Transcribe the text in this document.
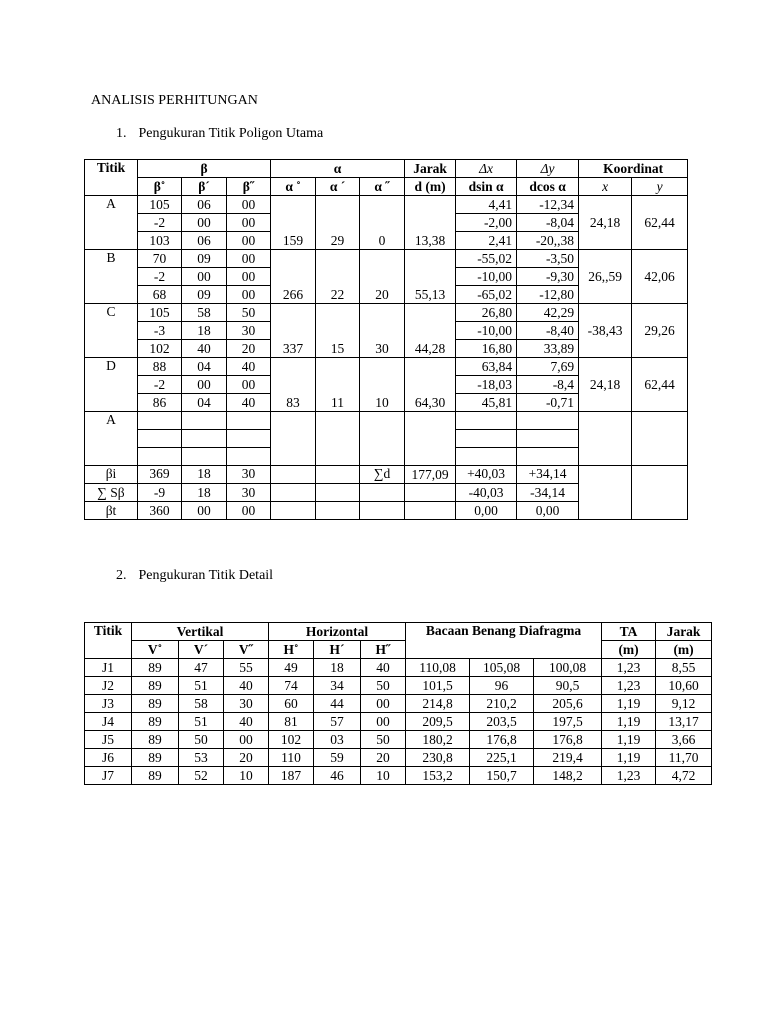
ANALISIS PERHITUNGAN
1. Pengukuran Titik Poligon Utama
Titik	β			α			Jarak	Δx	Δy	Koordinat	
	β˚	β´	β˝	α ˚	α ´	α ˝	d (m)	dsin α	dcos α	x	y
A	105	06	00	159	29	0	13,38	4,41	-12,34	24,18	62,44
	-2	00	00					-2,00	-8,04		
	103	06	00					2,41	-20,,38		
B	70	09	00	266	22	20	55,13	-55,02	-3,50	26,,59	42,06
	-2	00	00					-10,00	-9,30		
	68	09	00					-65,02	-12,80		
C	105	58	50	337	15	30	44,28	26,80	42,29	-38,43	29,26
	-3	18	30					-10,00	-8,40		
	102	40	20					16,80	33,89		
D	88	04	40	83	11	10	64,30	63,84	7,69	24,18	62,44
	-2	00	00					-18,03	-8,4		
	86	04	40					45,81	-0,71		
A											

βi	369	18	30			∑d	177,09	+40,03	+34,14		
∑ Sβ	-9	18	30					-40,03	-34,14		
βt	360	00	00					0,00	0,00		
2. Pengukuran Titik Detail
Titik	Vertikal			Horizontal			Bacaan Benang Diafragma			TA	Jarak
	V˚	V´	V˝	H˚	H´	H˝				(m)	(m)
J1	89	47	55	49	18	40	110,08	105,08	100,08	1,23	8,55
J2	89	51	40	74	34	50	101,5	96	90,5	1,23	10,60
J3	89	58	30	60	44	00	214,8	210,2	205,6	1,19	9,12
J4	89	51	40	81	57	00	209,5	203,5	197,5	1,19	13,17
J5	89	50	00	102	03	50	180,2	176,8	176,8	1,19	3,66
J6	89	53	20	110	59	20	230,8	225,1	219,4	1,19	11,70
J7	89	52	10	187	46	10	153,2	150,7	148,2	1,23	4,72
